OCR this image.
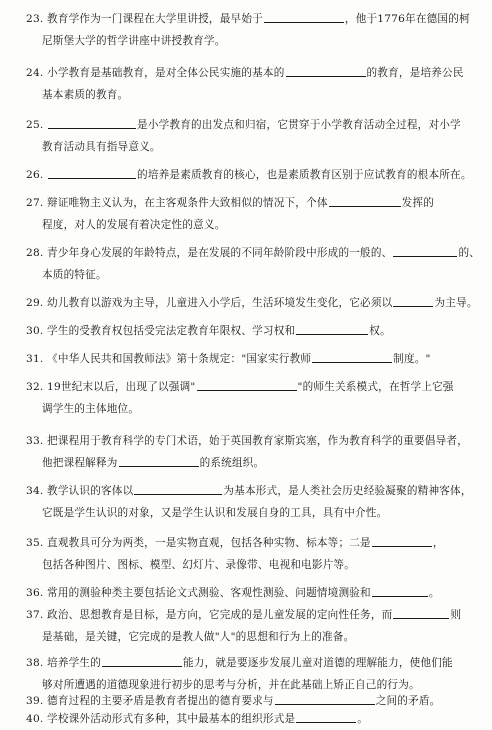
23. 教育学作为一门课程在大学里讲授，最早始于	，他于1776年在德国的柯
尼斯堡大学的哲学讲座中讲授教育学。
24. 小学教育是基础教育，是对全体公民实施的基本的	的教育，是培养公民
基本素质的教育。
25.	是小学教育的出发点和归宿，它贯穿于小学教育活动全过程，对小学
教育活动具有指导意义。
26.	的培养是素质教育的核心，也是素质教育区别于应试教育的根本所在。
27. 辩证唯物主义认为，在主客观条件大致相似的情况下，个体	发挥的
程度，对人的发展有着决定性的意义。
28. 青少年身心发展的年龄特点，是在发展的不同年龄阶段中形成的一般的、	的、
本质的特征。
29. 幼儿教育以游戏为主导，儿童进入小学后，生活环境发生变化，它必须以	为主导。
30. 学生的受教育权包括受完法定教育年限权、学习权和	权。
31. 《中华人民共和国教师法》第十条规定："国家实行教师	制度。"
32. 19世纪末以后，出现了以强调"	"的师生关系模式，在哲学上它强
调学生的主体地位。
33. 把课程用于教育科学的专门术语，始于英国教育家斯宾塞，作为教育科学的重要倡导者，
他把课程解释为	的系统组织。
34. 教学认识的客体以	为基本形式，是人类社会历史经验凝聚的精神客体，
它既是学生认识的对象，又是学生认识和发展自身的工具，具有中介性。
35. 直观教具可分为两类，一是实物直观，包括各种实物、标本等；二是	，
包括各种图片、图标、模型、幻灯片、录像带、电视和电影片等。
36. 常用的测验种类主要包括论文式测验、客观性测验、问题情境测验和	。
37. 政治、思想教育是目标，是方向，它完成的是儿童发展的定向性任务，而	则
是基础，是关键，它完成的是教人做"人"的思想和行为上的准备。
38. 培养学生的	能力，就是要逐步发展儿童对道德的理解能力，使他们能
够对所遭遇的道德现象进行初步的思考与分析，并在此基础上矫正自己的行为。
39. 德育过程的主要矛盾是教育者提出的德育要求与	之间的矛盾。
40. 学校课外活动形式有多种，其中最基本的组织形式是	。
